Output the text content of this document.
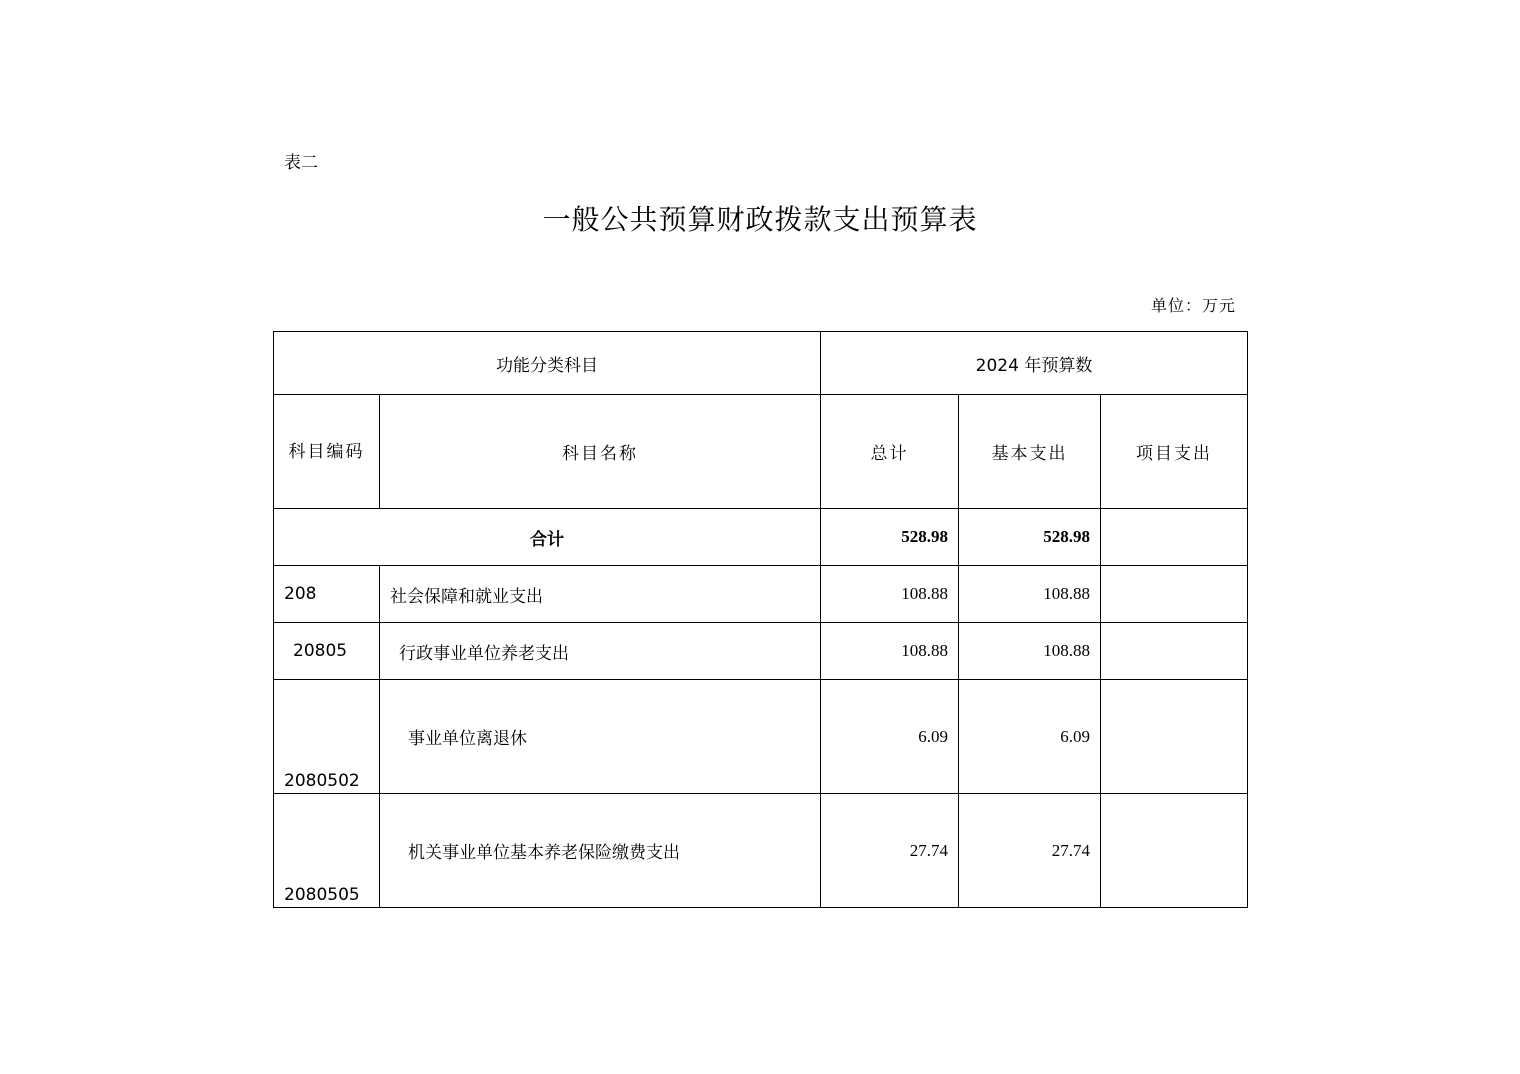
表二
一般公共预算财政拨款支出预算表
单位：万元
功能分类科目		2024 年预算数		
科目编码	科目名称	总计	基本支出	项目支出
合计		528.98	528.98	
208	社会保障和就业支出	108.88	108.88	
20805	行政事业单位养老支出	108.88	108.88	
2080502	事业单位离退休	6.09	6.09	
2080505	机关事业单位基本养老保险缴费支出	27.74	27.74	
